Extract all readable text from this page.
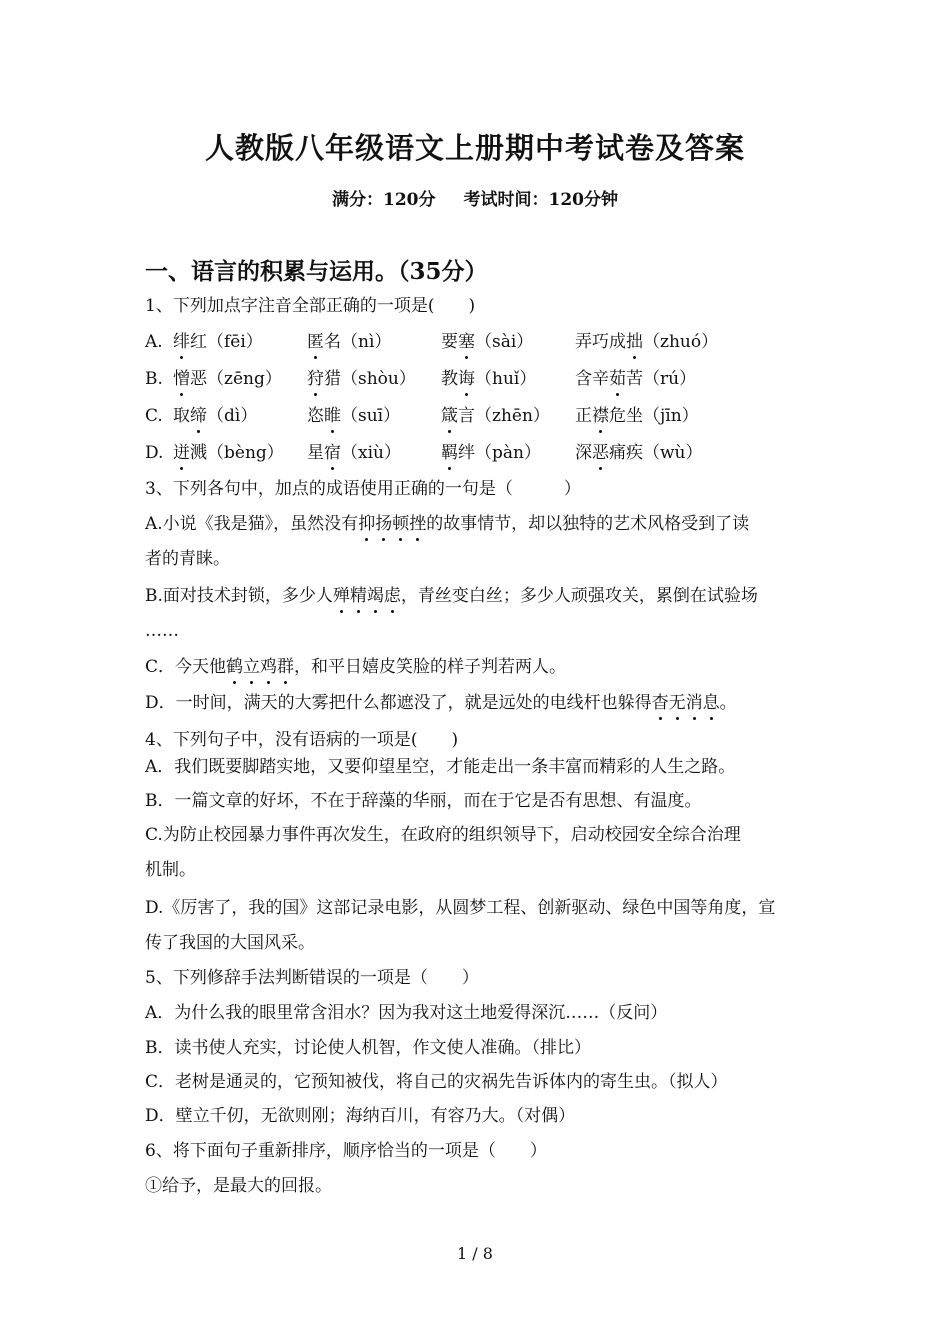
人教版八年级语文上册期中考试卷及答案
满分：120分 考试时间：120分钟
一、语言的积累与运用。（35分）
1、下列加点字注音全部正确的一项是(　　)
A. 绯红（fēi）	匿名（nì）	要塞（sài） 弄巧成拙（zhuó）
B. 憎恶（zēng） 狩猎（shòu） 教诲（huǐ） 含辛茹苦（rú）
C. 取缔（dì）	恣睢（suī） 箴言（zhēn） 正襟危坐（jīn）
D. 迸溅（bèng） 星宿（xiù） 羁绊（pàn） 深恶痛疾（wù）
3、下列各句中，加点的成语使用正确的一句是（　　　）
A.小说《我是猫》，虽然没有抑扬顿挫的故事情节，却以独特的艺术风格受到了读
者的青睐。
B.面对技术封锁，多少人殚精竭虑，青丝变白丝；多少人顽强攻关，累倒在试验场
……
C．今天他鹤立鸡群，和平日嬉皮笑脸的样子判若两人。
D．一时间，满天的大雾把什么都遮没了，就是远处的电线杆也躲得杳无消息。
4、下列句子中，没有语病的一项是(　　)
A．我们既要脚踏实地，又要仰望星空，才能走出一条丰富而精彩的人生之路。
B．一篇文章的好坏，不在于辞藻的华丽，而在于它是否有思想、有温度。
C.为防止校园暴力事件再次发生，在政府的组织领导下，启动校园安全综合治理
机制。
D.《厉害了，我的国》这部记录电影，从圆梦工程、创新驱动、绿色中国等角度，宣
传了我国的大国风采。
5、下列修辞手法判断错误的一项是（　　）
A．为什么我的眼里常含泪水？因为我对这土地爱得深沉……（反问）
B．读书使人充实，讨论使人机智，作文使人准确。（排比）
C．老树是通灵的，它预知被伐，将自己的灾祸先告诉体内的寄生虫。（拟人）
D．壁立千仞，无欲则刚；海纳百川，有容乃大。（对偶）
6、将下面句子重新排序，顺序恰当的一项是（　　）
①给予，是最大的回报。
1 / 8
